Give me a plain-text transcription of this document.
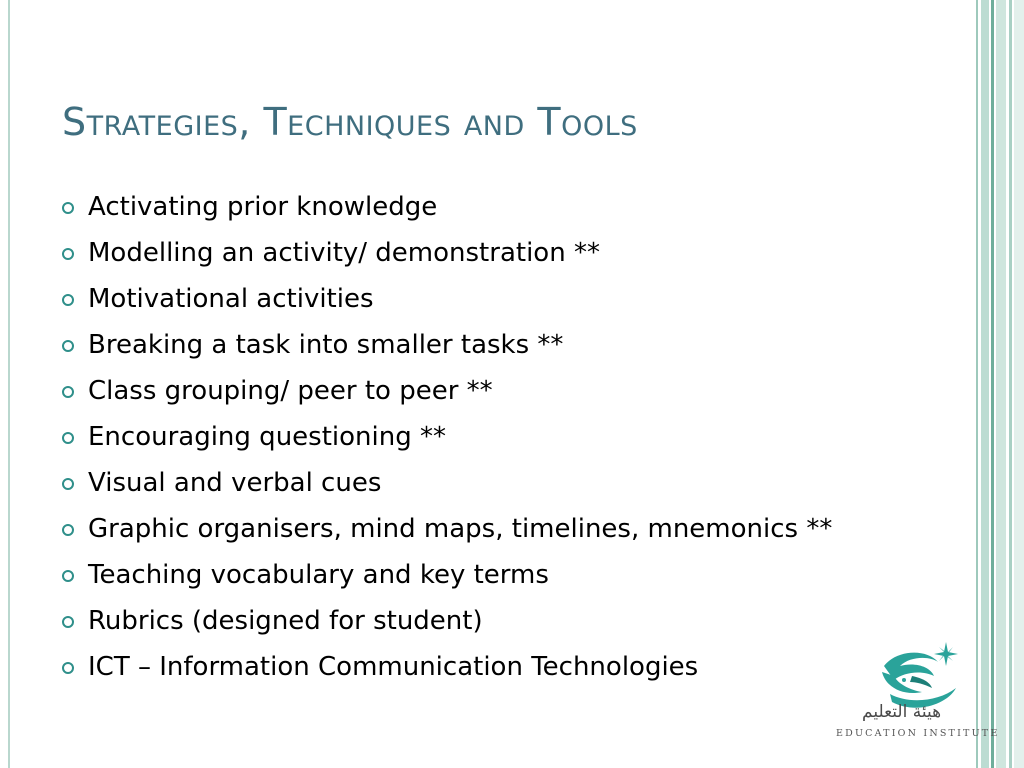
Strategies, Techniques and Tools
Activating prior knowledge
Modelling an activity/ demonstration **
Motivational activities
Breaking a task into smaller tasks **
Class grouping/ peer to peer **
Encouraging questioning **
Visual and verbal cues
Graphic organisers, mind maps, timelines, mnemonics **
Teaching vocabulary and key terms
Rubrics (designed for student)
ICT – Information Communication Technologies
هيئة التعليم
EDUCATION INSTITUTE
